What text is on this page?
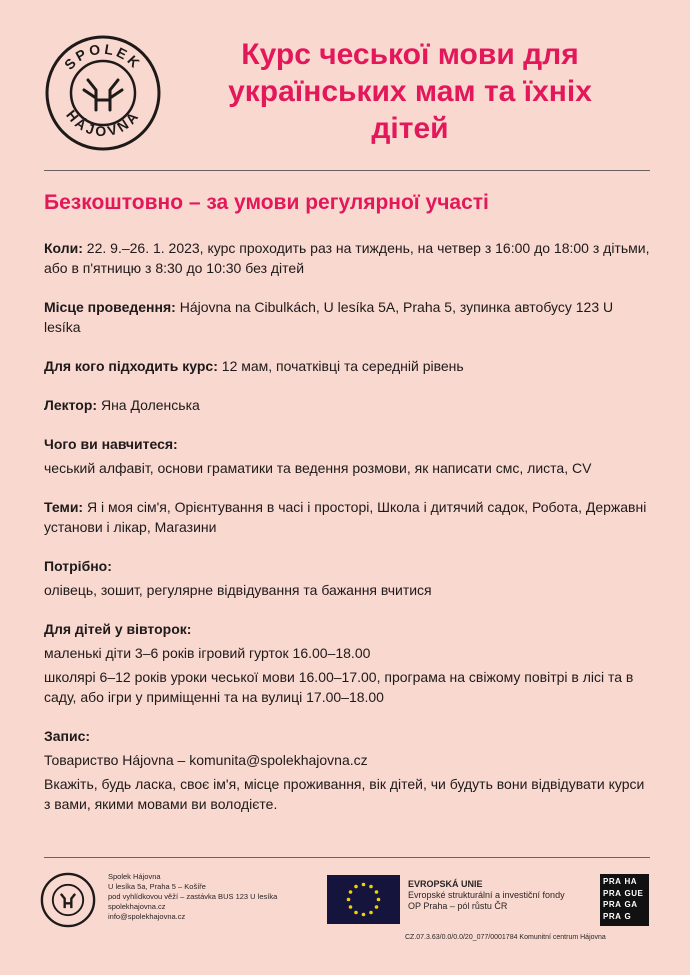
SPOLEK
HÁJOVNA
Курс чеської мови для українських мам та їхніх дітей
Безкоштовно – за умови регулярної участі

Коли: 22. 9.–26. 1. 2023, курс проходить раз на тиждень, на четвер з 16:00 до 18:00 з дітьми, або в п'ятницю з 8:30 до 10:30 без дітей

Місце проведення: Hájovna na Cibulkách, U lesíka 5A, Praha 5, зупинка автобусу 123 U lesíka

Для кого підходить курс: 12 мам, початківці та середній рівень

Лектор: Яна Доленська

Чого ви навчитеся:
чеський алфавіт, основи граматики та ведення розмови, як написати смс, листа, CV

Теми: Я і моя сім'я, Орієнтування в часі і просторі, Школа і дитячий садок, Робота, Державні установи і лікар, Магазини

Потрібно:
олівець, зошит, регулярне відвідування та бажання вчитися
Для дітей у вівторок:
маленькі діти 3–6 років ігровий гурток 16.00–18.00
школярі 6–12 років уроки чеської мови 16.00–17.00, програма на свіжому повітрі в лісі та в саду, або ігри у приміщенні та на вулиці 17.00–18.00
Запис:
Товариство Hájovna – komunita@spolekhajovna.cz
Вкажіть, будь ласка, своє ім'я, місце проживання, вік дітей, чи будуть вони відвідувати курси з вами, якими мовами ви володієте.
Spolek Hájovna
U lesíka 5a, Praha 5 – Košíře
pod vyhlídkovou věží – zastávka BUS 123 U lesíka
spolekhajovna.cz
info@spolekhajovna.cz
EVROPSKÁ UNIE
Evropské strukturální a investiční fondy
OP Praha – pól růstu ČR
PRA HA
PRA GUE
PRA GA
PRA G
CZ.07.3.63/0.0/0.0/20_077/0001784 Komunitní centrum Hájovna
